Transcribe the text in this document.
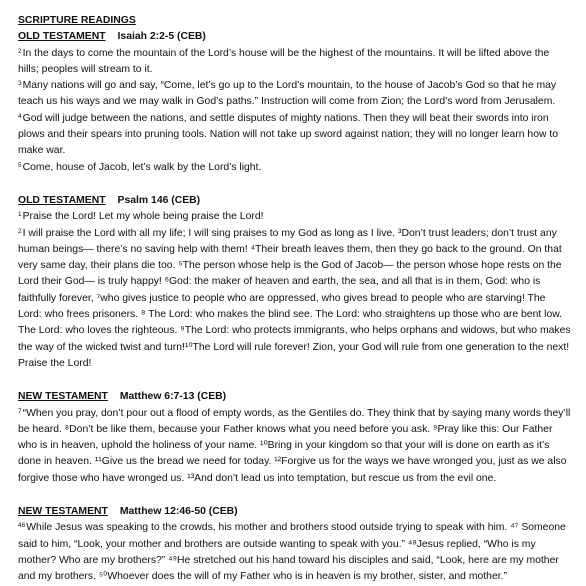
SCRIPTURE READINGS
OLD TESTAMENT Isaiah 2:2-5 (CEB)

$^2$In the days to come the mountain of the Lord’s house will be the highest of the mountains. It will be lifted above the hills; peoples will stream to it.

$^3$Many nations will go and say, “Come, let’s go up to the Lord’s mountain, to the house of Jacob’s God so that he may teach us his ways and we may walk in God’s paths.” Instruction will come from Zion; the Lord’s word from Jerusalem.

$^4$God will judge between the nations, and settle disputes of mighty nations. Then they will beat their swords into iron plows and their spears into pruning tools. Nation will not take up sword against nation; they will no longer learn how to make war.

$^5$Come, house of Jacob, let’s walk by the Lord’s light.

OLD TESTAMENT Psalm 146 (CEB)

$^1$Praise the Lord! Let my whole being praise the Lord!

$^2$I will praise the Lord with all my life; I will sing praises to my God as long as I live. ³Don’t trust leaders; don’t trust any human beings— there’s no saving help with them! ⁴Their breath leaves them, then they go back to the ground. On that very same day, their plans die too. ⁵The person whose help is the God of Jacob— the person whose hope rests on the Lord their God— is truly happy! ⁶God: the maker of heaven and earth, the sea, and all that is in them, God: who is faithfully forever, ⁷who gives justice to people who are oppressed, who gives bread to people who are starving! The Lord: who frees prisoners. ⁸ The Lord: who makes the blind see. The Lord: who straightens up those who are bent low. The Lord: who loves the righteous. ⁹The Lord: who protects immigrants, who helps orphans and widows, but who makes the way of the wicked twist and turn!¹⁰The Lord will rule forever! Zion, your God will rule from one generation to the next! Praise the Lord!

NEW TESTAMENT Matthew 6:7-13 (CEB)

$^7$“When you pray, don’t pour out a flood of empty words, as the Gentiles do. They think that by saying many words they’ll be heard. ⁸Don’t be like them, because your Father knows what you need before you ask. ⁹Pray like this: Our Father who is in heaven, uphold the holiness of your name. ¹⁰Bring in your kingdom so that your will is done on earth as it’s done in heaven. ¹¹Give us the bread we need for today. ¹²Forgive us for the ways we have wronged you, just as we also forgive those who have wronged us. ¹³And don’t lead us into temptation, but rescue us from the evil one.

NEW TESTAMENT Matthew 12:46-50 (CEB)

$^{46}$While Jesus was speaking to the crowds, his mother and brothers stood outside trying to speak with him. ⁴⁷ Someone said to him, “Look, your mother and brothers are outside wanting to speak with you.” ⁴⁸Jesus replied, “Who is my mother? Who are my brothers?” ⁴⁹He stretched out his hand toward his disciples and said, “Look, here are my mother and my brothers. ⁵⁰Whoever does the will of my Father who is in heaven is my brother, sister, and mother.”
